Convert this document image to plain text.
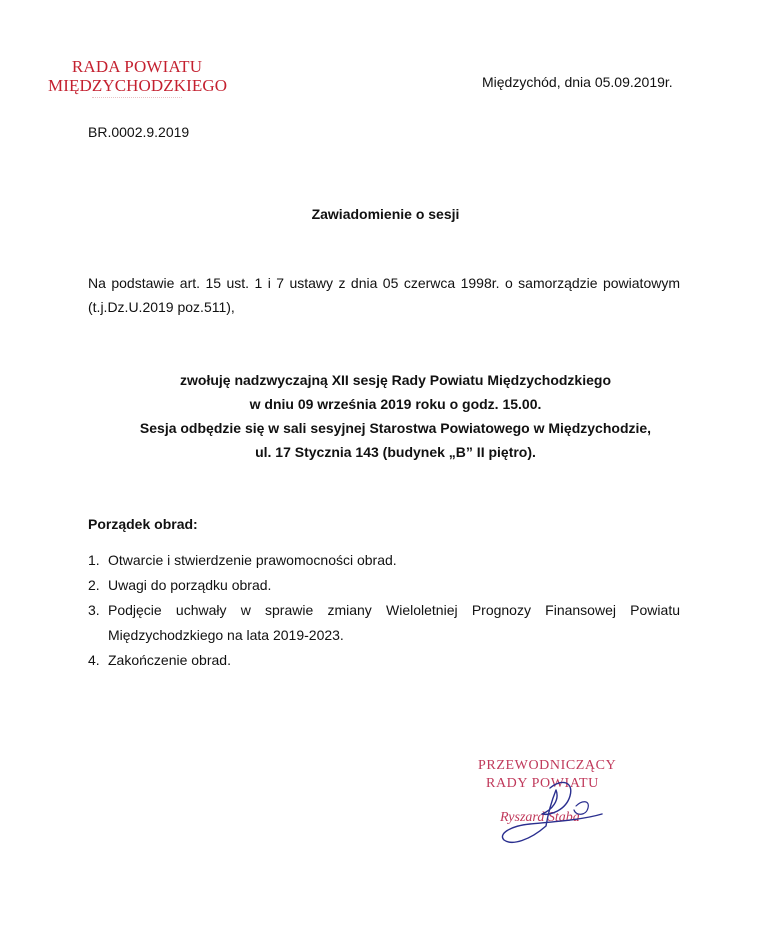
RADA POWIATU
MIĘDZYCHODZKIEGO	Międzychód, dnia 05.09.2019r.
BR.0002.9.2019
Zawiadomienie o sesji
Na podstawie art. 15 ust. 1 i 7 ustawy z dnia 05 czerwca 1998r. o samorządzie powiatowym (t.j.Dz.U.2019 poz.511),
zwołuję nadzwyczajną XII sesję Rady Powiatu Międzychodzkiego
w dniu 09 września 2019 roku o godz. 15.00.
Sesja odbędzie się w sali sesyjnej Starostwa Powiatowego w Międzychodzie,
ul. 17 Stycznia 143 (budynek „B” II piętro).
Porządek obrad:
1. Otwarcie i stwierdzenie prawomocności obrad.
2. Uwagi do porządku obrad.
3. Podjęcie uchwały w sprawie zmiany Wieloletniej Prognozy Finansowej Powiatu
Międzychodzkiego na lata 2019-2023.
4. Zakończenie obrad.
PRZEWODNICZĄCY
RADY POWIATU
Ryszard Staba
